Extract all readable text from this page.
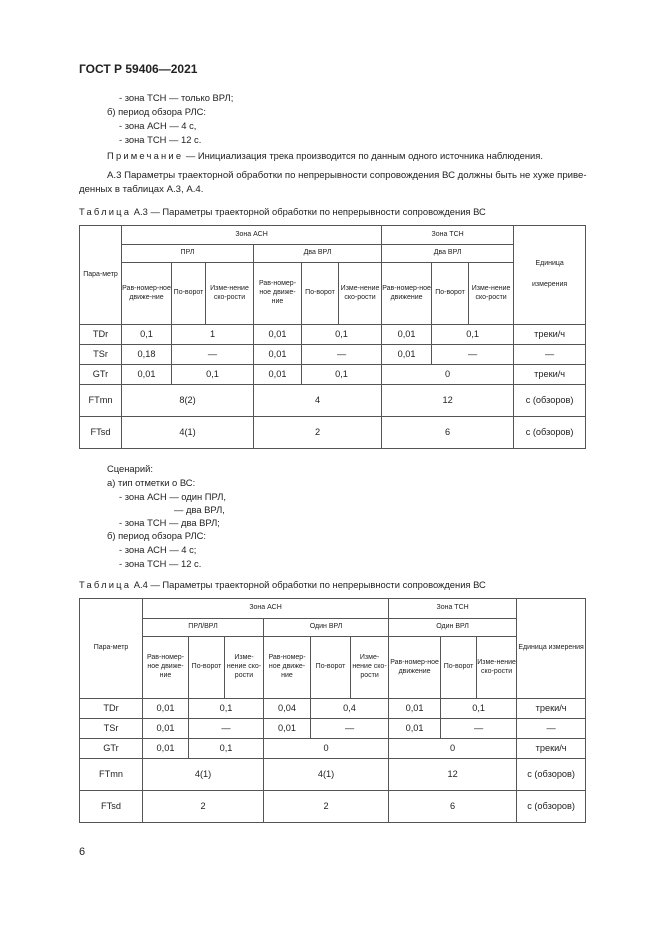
ГОСТ Р 59406—2021
- зона ТСН — только ВРЛ;
б) период обзора РЛС:
- зона АСН — 4 с,
- зона ТСН — 12 с.
Примечание — Инициализация трека производится по данным одного источника наблюдения.
А.3 Параметры траекторной обработки по непрерывности сопровождения ВС должны быть не хуже приве-
денных в таблицах А.3, А.4.
Таблица А.3 — Параметры траекторной обработки по непрерывности сопровождения ВС
Пара-метр	Зона АСН						Зона ТСН			Единица
измерения

	ПРЛ			Два ВРЛ			Два ВРЛ			
	Рав-номер-ное движе-ние	По-ворот	Изме-нение ско-рости	Рав-номер-ное движе-ние	По-ворот	Изме-нение ско-рости	Рав-номер-ное движение	По-ворот	Изме-нение ско-рости	
TDr	0,1	1		0,01	0,1		0,01	0,1		треки/ч
TSr	0,18	—		0,01	—		0,01	—		—
GTr	0,01	0,1		0,01	0,1		0			треки/ч
FTmn	8(2)			4			12			с (обзоров)
FTsd	4(1)			2			6			с (обзоров)
Сценарий:
а) тип отметки о ВС:
- зона АСН — один ПРЛ,
— два ВРЛ,
- зона ТСН — два ВРЛ;
б) период обзора РЛС:
- зона АСН — 4 с;
- зона ТСН — 12 с.
Таблица А.4 — Параметры траекторной обработки по непрерывности сопровождения ВС
Пара-метр	Зона АСН						Зона ТСН			Единица измерения
	ПРЛ/ВРЛ			Один ВРЛ			Один ВРЛ			
	Рав-номер-ное движе-ние	По-ворот	Изме-нение ско-рости	Рав-номер-ное движе-ние	По-ворот	Изме-нение ско-рости	Рав-номер-ное движение	По-ворот	Изме-нение ско-рости	
TDr	0,01	0,1		0,04	0,4		0,01	0,1		треки/ч
TSr	0,01	—		0,01	—		0,01	—		—
GTr	0,01	0,1		0			0			треки/ч
FTmn	4(1)			4(1)			12			с (обзоров)
FTsd	2			2			6			с (обзоров)
6
